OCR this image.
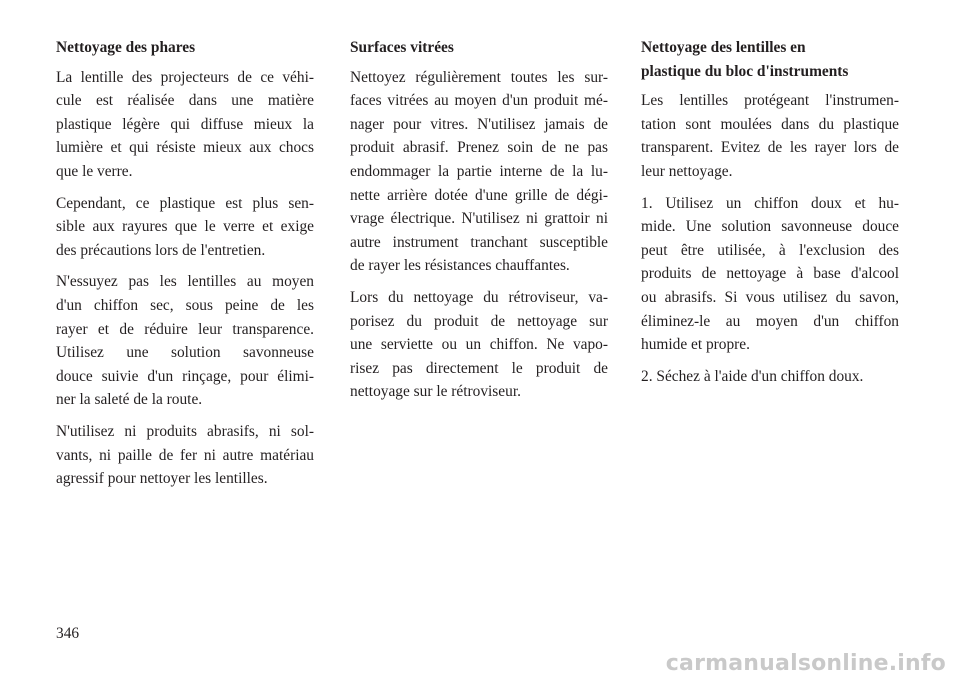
Nettoyage des phares
La lentille des projecteurs de ce véhi-
cule est réalisée dans une matière
plastique légère qui diffuse mieux la
lumière et qui résiste mieux aux chocs
que le verre.
Cependant, ce plastique est plus sen-
sible aux rayures que le verre et exige
des précautions lors de l'entretien.
N'essuyez pas les lentilles au moyen
d'un chiffon sec, sous peine de les
rayer et de réduire leur transparence.
Utilisez une solution savonneuse
douce suivie d'un rinçage, pour élimi-
ner la saleté de la route.
N'utilisez ni produits abrasifs, ni sol-
vants, ni paille de fer ni autre matériau
agressif pour nettoyer les lentilles.
Surfaces vitrées
Nettoyez régulièrement toutes les sur-
faces vitrées au moyen d'un produit mé-
nager pour vitres. N'utilisez jamais de
produit abrasif. Prenez soin de ne pas
endommager la partie interne de la lu-
nette arrière dotée d'une grille de dégi-
vrage électrique. N'utilisez ni grattoir ni
autre instrument tranchant susceptible
de rayer les résistances chauffantes.
Lors du nettoyage du rétroviseur, va-
porisez du produit de nettoyage sur
une serviette ou un chiffon. Ne vapo-
risez pas directement le produit de
nettoyage sur le rétroviseur.
Nettoyage des lentilles en
plastique du bloc d'instruments
Les lentilles protégeant l'instrumen-
tation sont moulées dans du plastique
transparent. Evitez de les rayer lors de
leur nettoyage.
1. Utilisez un chiffon doux et hu-
mide. Une solution savonneuse douce
peut être utilisée, à l'exclusion des
produits de nettoyage à base d'alcool
ou abrasifs. Si vous utilisez du savon,
éliminez-le au moyen d'un chiffon
humide et propre.
2. Séchez à l'aide d'un chiffon doux.
346
carmanualsonline.info
